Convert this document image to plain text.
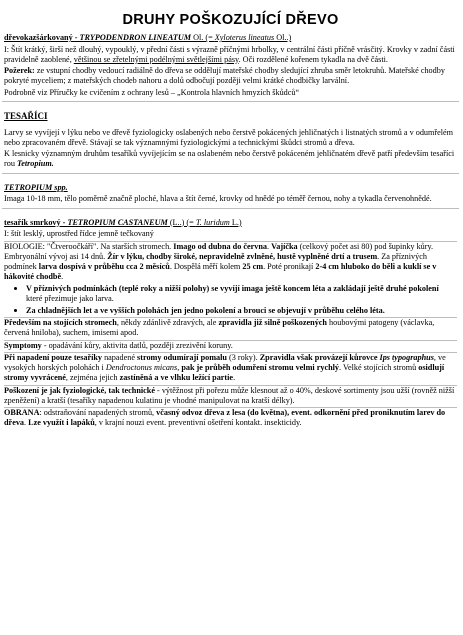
DRUHY POŠKOZUJÍCÍ DŘEVO

dřevokazšárkovaný - TRYPODENDRON LINEATUM Ol. (= Xyloterus lineatus Ol..)

I: Štít krátký, širší než dlouhý, vypouklý, v přední části s výrazně příčnými hrbolky, v centrální části příčně vrásčitý. Krovky v zadní části pravidelně zaoblené, většinou se zřetelnými podélnými světlejšími pásy. Oči rozdělené kořenem tykadla na dvě části.

Požerek: ze vstupní chodby vedoucí radiálně do dřeva se oddělují mateřské chodby sledující zhruba směr letokruhů. Mateřské chodby pokryté myceliem; z mateřských chodeb nahoru a dolů odbočují později velmi krátké chodbičky larvální.

Podrobně viz Příručky ke cvičením z ochrany lesů – „Kontrola hlavních hmyzích škůdců“

TESAŘÍCI

Larvy se vyvíjejí v lýku nebo ve dřevě fyziologicky oslabených nebo čerstvě pokácených jehličnatých i listnatých stromů a v odumřelém nebo zpracovaném dřevě. Stávají se tak významnými fyziologickými a technickými škůdci stromů a dřeva.

K lesnicky významným druhům tesaříků vyvíjejícím se na oslabeném nebo čerstvě pokáceném jehličnatém dřevě patří především tesaříci rou Tetropium.

TETROPIUM spp.

Imaga 10-18 mm, tělo poměrně značně ploché, hlava a štít černé, krovky od hnědé po téměř černou, nohy a tykadla červenohnědé.

tesařík smrkový - TETROPIUM CASTANEUM (L..) (= T. luridum L.)

I: štít lesklý, uprostřed řídce jemně tečkovaný

BIOLOGIE: "Čtveroočkáří". Na starších stromech. Imago od dubna do června. Vajíčka (celkový počet asi 80) pod šupinky kůry. Embryonální vývoj asi 14 dnů. Žír v lýku, chodby široké, nepravidelně zvlněné, hustě vyplněné drtí a trusem. Za příznivých podmínek larva dospívá v průběhu cca 2 měsíců. Dospělá měří kolem 25 cm. Poté pronikají 2-4 cm hluboko do běli a kuklí se v hákovité chodbě.

• V příznivých podmínkách (teplé roky a nižší polohy) se vyvíjí imaga ještě koncem léta a zakládají ještě druhé pokolení které přezimuje jako larva.
• Za chladnějších let a ve vyšších polohách jen jedno pokolení a brouci se objevují v průběhu celého léta.

Především na stojících stromech, někdy zdánlivě zdravých, ale zpravidla již silně poškozených houbovými patogeny (václavka, červená hniloba), suchem, imisemi apod.

Symptomy - opadávání kůry, aktivita datlů, později zrezivění koruny.

Při napadení pouze tesaříky napadené stromy odumírají pomalu (3 roky). Zpravidla však provázejí kůrovce Ips typographus, ve vysokých horských polohách i Dendroctonus micans, pak je průběh odumření stromu velmi rychlý. Velké stojících stromů osidlují stromy vyvrácené, zejména jejich zastíněná a ve vlhku ležící partie.

Poškození je jak fyziologické, tak technické - výtěžnost při pořezu může klesnout až o 40%, deskové sortimenty jsou užší (rovněž nižší zpeněžení) a kratší (tesaříky napadenou kulatinu je vhodné manipulovat na kratší délky).

OBRANA: odstraňování napadených stromů, včasný odvoz dřeva z lesa (do května), event. odkornění před proniknutím larev do dřeva. Lze využít i lapáků, v krajní nouzi event. preventivní ošetření kontakt. insekticidy.
